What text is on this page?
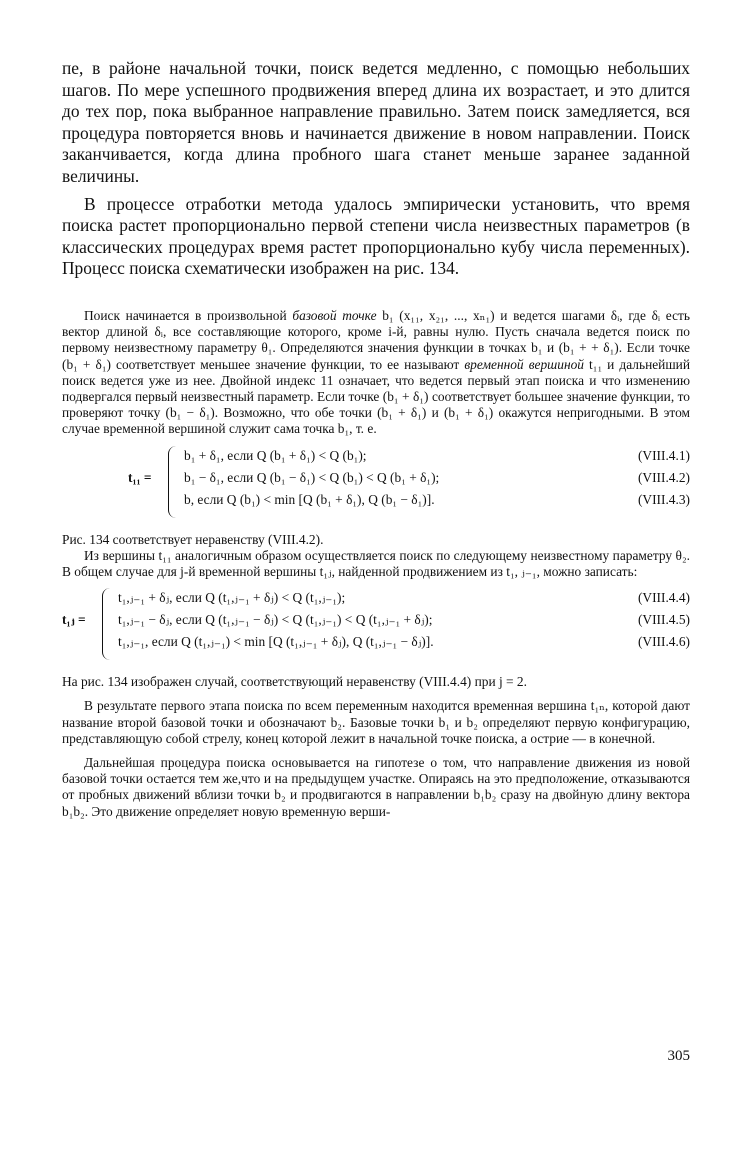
пе, в районе начальной точки, поиск ведется медленно, с помощью небольших шагов. По мере успешного продвижения вперед длина их возрастает, и это длится до тех пор, пока выбранное направление правильно. Затем поиск замедляется, вся процедура повторяется вновь и начинается движение в новом направлении. Поиск заканчивается, когда длина пробного шага станет меньше заранее заданной величины.

В процессе отработки метода удалось эмпирически установить, что время поиска растет пропорционально первой степени числа неизвестных параметров (в классических процедурах время растет пропорционально кубу числа переменных). Процесс поиска схематически изображен на рис. 134.

Поиск начинается в произвольной базовой точке b₁ (x₁₁, x₂₁, ..., xₙ₁) и ведется шагами δᵢ, где δᵢ есть вектор длиной δᵢ, все составляющие которого, кроме i-й, равны нулю. Пусть сначала ведется поиск по первому неизвестному параметру θ₁. Определяются значения функции в точках b₁ и (b₁ + + δ₁). Если точке (b₁ + δ₁) соответствует меньшее значение функции, то ее называют временной вершиной t₁₁ и дальнейший поиск ведется уже из нее. Двойной индекс 11 означает, что ведется первый этап поиска и что изменению подвергался первый неизвестный параметр. Если точке (b₁ + δ₁) соответствует большее значение функции, то проверяют точку (b₁ − δ₁). Возможно, что обе точки (b₁ + δ₁) и (b₁ + δ₁) окажутся непригодными. В этом случае временной вершиной служит сама точка b₁, т. е.

t₁₁ =
b₁ + δ₁, если Q (b₁ + δ₁) < Q (b₁);	(VIII.4.1)
b₁ − δ₁, если Q (b₁ − δ₁) < Q (b₁) < Q (b₁ + δ₁);	(VIII.4.2)
b, если Q (b₁) < min [Q (b₁ + δ₁), Q (b₁ − δ₁)].	(VIII.4.3)

Рис. 134 соответствует неравенству (VIII.4.2).

Из вершины t₁₁ аналогичным образом осуществляется поиск по следующему неизвестному параметру θ₂. В общем случае для j-й временной вершины t₁ⱼ, найденной продвижением из t₁, ⱼ₋₁, можно записать:

t₁ⱼ =
t₁,ⱼ₋₁ + δⱼ, если Q (t₁,ⱼ₋₁ + δⱼ) < Q (t₁,ⱼ₋₁);	(VIII.4.4)
t₁,ⱼ₋₁ − δⱼ, если Q (t₁,ⱼ₋₁ − δⱼ) < Q (t₁,ⱼ₋₁) < Q (t₁,ⱼ₋₁ + δⱼ);	(VIII.4.5)
t₁,ⱼ₋₁, если Q (t₁,ⱼ₋₁) < min [Q (t₁,ⱼ₋₁ + δⱼ), Q (t₁,ⱼ₋₁ − δⱼ)].	(VIII.4.6)

На рис. 134 изображен случай, соответствующий неравенству (VIII.4.4) при j = 2.

В результате первого этапа поиска по всем переменным находится временная вершина t₁ₙ, которой дают название второй базовой точки и обозначают b₂. Базовые точки b₁ и b₂ определяют первую конфигурацию, представляющую собой стрелу, конец которой лежит в начальной точке поиска, а острие — в конечной.

Дальнейшая процедура поиска основывается на гипотезе о том, что направление движения из новой базовой точки остается тем же,что и на предыдущем участке. Опираясь на это предположение, отказываются от пробных движений вблизи точки b₂ и продвигаются в направлении b₁b₂ сразу на двойную длину вектора b₁b₂. Это движение определяет новую временную верши-

305
